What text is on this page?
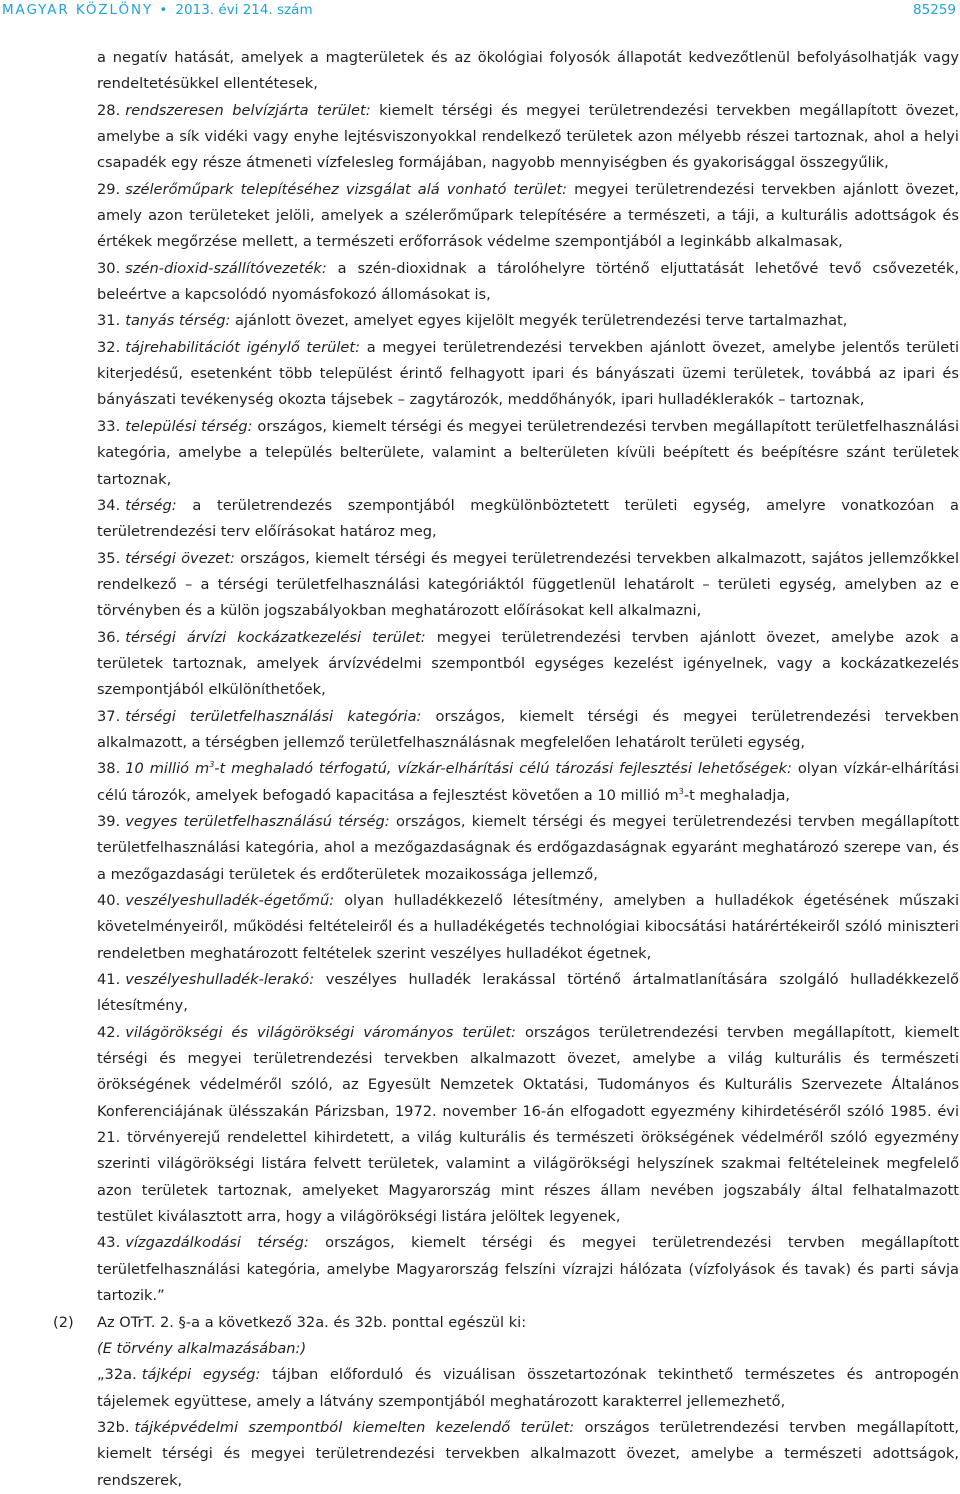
MAGYAR KÖZLÖNY • 2013. évi 214. szám	85259

a negatív hatását, amelyek a magterületek és az ökológiai folyosók állapotát kedvezőtlenül befolyásolhatják vagy rendeltetésükkel ellentétesek,

28. rendszeresen belvízjárta terület: kiemelt térségi és megyei területrendezési tervekben megállapított övezet, amelybe a sík vidéki vagy enyhe lejtésviszonyokkal rendelkező területek azon mélyebb részei tartoznak, ahol a helyi csapadék egy része átmeneti vízfelesleg formájában, nagyobb mennyiségben és gyakorisággal összegyűlik,

29. szélerőműpark telepítéséhez vizsgálat alá vonható terület: megyei területrendezési tervekben ajánlott övezet, amely azon területeket jelöli, amelyek a szélerőműpark telepítésére a természeti, a táji, a kulturális adottságok és értékek megőrzése mellett, a természeti erőforrások védelme szempontjából a leginkább alkalmasak,

30. szén-dioxid-szállítóvezeték: a szén-dioxidnak a tárolóhelyre történő eljuttatását lehetővé tevő csővezeték, beleértve a kapcsolódó nyomásfokozó állomásokat is,

31. tanyás térség: ajánlott övezet, amelyet egyes kijelölt megyék területrendezési terve tartalmazhat,

32. tájrehabilitációt igénylő terület: a megyei területrendezési tervekben ajánlott övezet, amelybe jelentős területi kiterjedésű, esetenként több települést érintő felhagyott ipari és bányászati üzemi területek, továbbá az ipari és bányászati tevékenység okozta tájsebek – zagytározók, meddőhányók, ipari hulladéklerakók – tartoznak,

33. települési térség: országos, kiemelt térségi és megyei területrendezési tervben megállapított területfelhasználási kategória, amelybe a település belterülete, valamint a belterületen kívüli beépített és beépítésre szánt területek tartoznak,

34. térség: a területrendezés szempontjából megkülönböztetett területi egység, amelyre vonatkozóan a területrendezési terv előírásokat határoz meg,

35. térségi övezet: országos, kiemelt térségi és megyei területrendezési tervekben alkalmazott, sajátos jellemzőkkel rendelkező – a térségi területfelhasználási kategóriáktól függetlenül lehatárolt – területi egység, amelyben az e törvényben és a külön jogszabályokban meghatározott előírásokat kell alkalmazni,

36. térségi árvízi kockázatkezelési terület: megyei területrendezési tervben ajánlott övezet, amelybe azok a területek tartoznak, amelyek árvízvédelmi szempontból egységes kezelést igényelnek, vagy a kockázatkezelés szempontjából elkülöníthetőek,

37. térségi területfelhasználási kategória: országos, kiemelt térségi és megyei területrendezési tervekben alkalmazott, a térségben jellemző területfelhasználásnak megfelelően lehatárolt területi egység,

38. 10 millió $m^3-t$ meghaladó térfogatú, vízkár-elhárítási célú tározási fejlesztési lehetőségek: olyan vízkár-elhárítási célú tározók, amelyek befogadó kapacitása a fejlesztést követően a 10 millió $m^3-t$ meghaladja,

39. vegyes területfelhasználású térség: országos, kiemelt térségi és megyei területrendezési tervben megállapított területfelhasználási kategória, ahol a mezőgazdaságnak és erdőgazdaságnak egyaránt meghatározó szerepe van, és a mezőgazdasági területek és erdőterületek mozaikossága jellemző,

40. veszélyeshulladék-égetőmű: olyan hulladékkezelő létesítmény, amelyben a hulladékok égetésének műszaki követelményeiről, működési feltételeiről és a hulladékégetés technológiai kibocsátási határértékeiről szóló miniszteri rendeletben meghatározott feltételek szerint veszélyes hulladékot égetnek,

41. veszélyeshulladék-lerakó: veszélyes hulladék lerakással történő ártalmatlanítására szolgáló hulladékkezelő létesítmény,

42. világörökségi és világörökségi várományos terület: országos területrendezési tervben megállapított, kiemelt térségi és megyei területrendezési tervekben alkalmazott övezet, amelybe a világ kulturális és természeti örökségének védelméről szóló, az Egyesült Nemzetek Oktatási, Tudományos és Kulturális Szervezete Általános Konferenciájának ülésszakán Párizsban, 1972. november 16-án elfogadott egyezmény kihirdetéséről szóló 1985. évi 21. törvényerejű rendelettel kihirdetett, a világ kulturális és természeti örökségének védelméről szóló egyezmény szerinti világörökségi listára felvett területek, valamint a világörökségi helyszínek szakmai feltételeinek megfelelő azon területek tartoznak, amelyeket Magyarország mint részes állam nevében jogszabály által felhatalmazott testület kiválasztott arra, hogy a világörökségi listára jelöltek legyenek,

43. vízgazdálkodási térség: országos, kiemelt térségi és megyei területrendezési tervben megállapított területfelhasználási kategória, amelybe Magyarország felszíni vízrajzi hálózata (vízfolyások és tavak) és parti sávja tartozik.”

(2) Az OTrT. 2. §-a a következő 32a. és 32b. ponttal egészül ki:

(E törvény alkalmazásában:)

„32a. tájképi egység: tájban előforduló és vizuálisan összetartozónak tekinthető természetes és antropogén tájelemek együttese, amely a látvány szempontjából meghatározott karakterrel jellemezhető,

32b. tájképvédelmi szempontból kiemelten kezelendő terület: országos területrendezési tervben megállapított, kiemelt térségi és megyei területrendezési tervekben alkalmazott övezet, amelybe a természeti adottságok, rendszerek,
